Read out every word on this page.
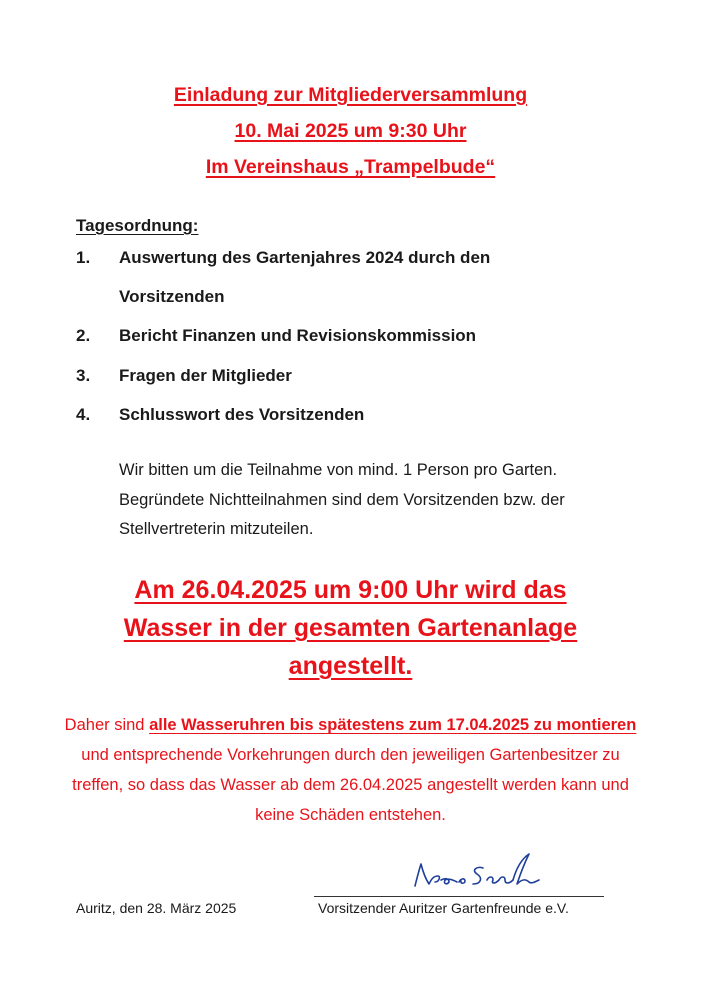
Einladung zur Mitgliederversammlung
10. Mai 2025 um 9:30 Uhr
Im Vereinshaus „Trampelbude“
Tagesordnung:
1. Auswertung des Gartenjahres 2024 durch den
Vorsitzenden
2. Bericht Finanzen und Revisionskommission
3. Fragen der Mitglieder
4. Schlusswort des Vorsitzenden
Wir bitten um die Teilnahme von mind. 1 Person pro Garten. Begründete Nichtteilnahmen sind dem Vorsitzenden bzw. der Stellvertreterin mitzuteilen.
Am 26.04.2025 um 9:00 Uhr wird das
Wasser in der gesamten Gartenanlage
angestellt.
Daher sind alle Wasseruhren bis spätestens zum 17.04.2025 zu montieren und entsprechende Vorkehrungen durch den jeweiligen Gartenbesitzer zu treffen, so dass das Wasser ab dem 26.04.2025 angestellt werden kann und keine Schäden entstehen.
Auritz, den 28. März 2025	Vorsitzender Auritzer Gartenfreunde e.V.
